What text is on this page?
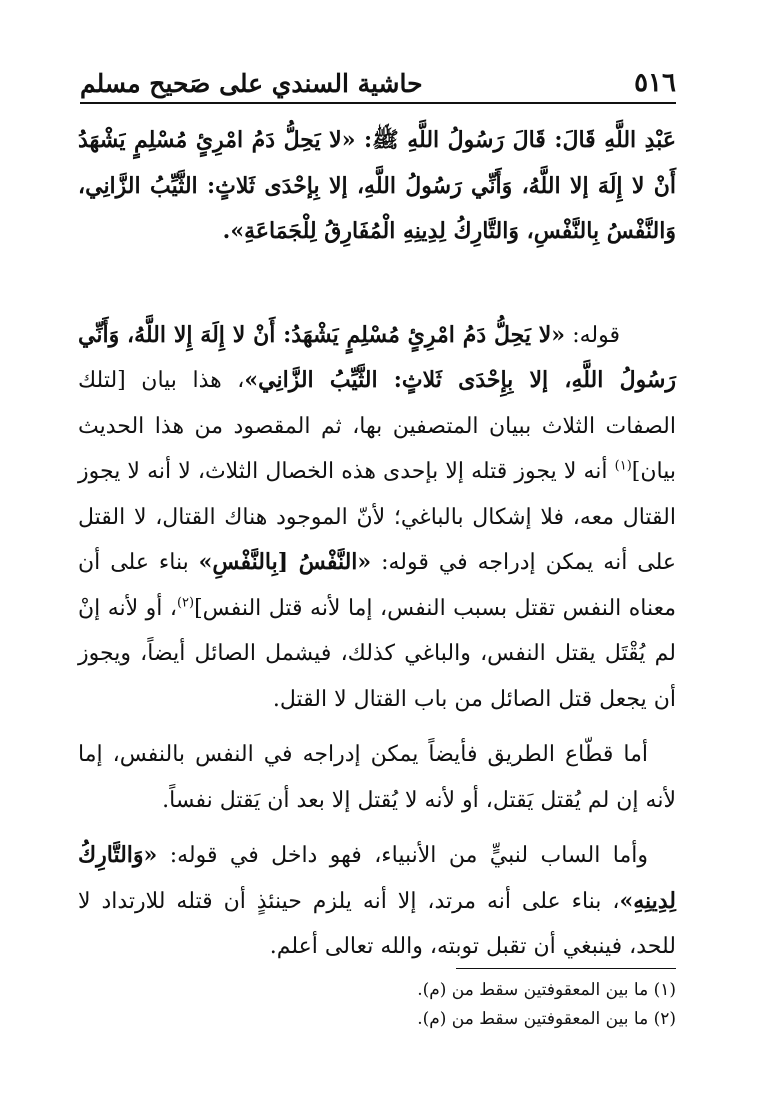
٥١٦
حاشية السندي على صَحيح مسلم

عَبْدِ اللَّهِ قَالَ: قَالَ رَسُولُ اللَّهِ ﷺ: «لا يَحِلُّ دَمُ امْرِئٍ مُسْلِمٍ يَشْهَدُ أَنْ لا إِلَهَ إلا اللَّهُ، وَأَنِّي رَسُولُ اللَّهِ، إلا بِإحْدَى ثَلاثٍ: الثَّيِّبُ الزَّانِي، وَالنَّفْسُ بِالنَّفْسِ، وَالتَّارِكُ لِدِينِهِ الْمُفَارِقُ لِلْجَمَاعَةِ».

قوله: «لا يَحِلُّ دَمُ امْرِئٍ مُسْلِمٍ يَشْهَدُ: أَنْ لا إِلَهَ إِلا اللَّهُ، وَأَنِّي رَسُولُ اللَّهِ، إلا بِإِحْدَى ثَلاثٍ: الثَّيِّبُ الزَّانِي»، هذا بيان [لتلك الصفات الثلاث ببيان المتصفين بها، ثم المقصود من هذا الحديث بيان]$^{(١)}$ أنه لا يجوز قتله إلا بإحدى هذه الخصال الثلاث، لا أنه لا يجوز القتال معه، فلا إشكال بالباغي؛ لأنّ الموجود هناك القتال، لا القتل على أنه يمكن إدراجه في قوله: «النَّفْسُ [بِالنَّفْسِ» بناء على أن معناه النفس تقتل بسبب النفس، إما لأنه قتل النفس]$^{(٢)}$، أو لأنه إنْ لم يُقْتَل يقتل النفس، والباغي كذلك، فيشمل الصائل أيضاً، ويجوز أن يجعل قتل الصائل من باب القتال لا القتل.

أما قطّاع الطريق فأيضاً يمكن إدراجه في النفس بالنفس، إما لأنه إن لم يُقتل يَقتل، أو لأنه لا يُقتل إلا بعد أن يَقتل نفساً.

وأما الساب لنبيٍّ من الأنبياء، فهو داخل في قوله: «وَالتَّارِكُ لِدِينِهِ»، بناء على أنه مرتد، إلا أنه يلزم حينئذٍ أن قتله للارتداد لا للحد، فينبغي أن تقبل توبته، والله تعالى أعلم.

(١) ما بين المعقوفتين سقط من (م).
(٢) ما بين المعقوفتين سقط من (م).
